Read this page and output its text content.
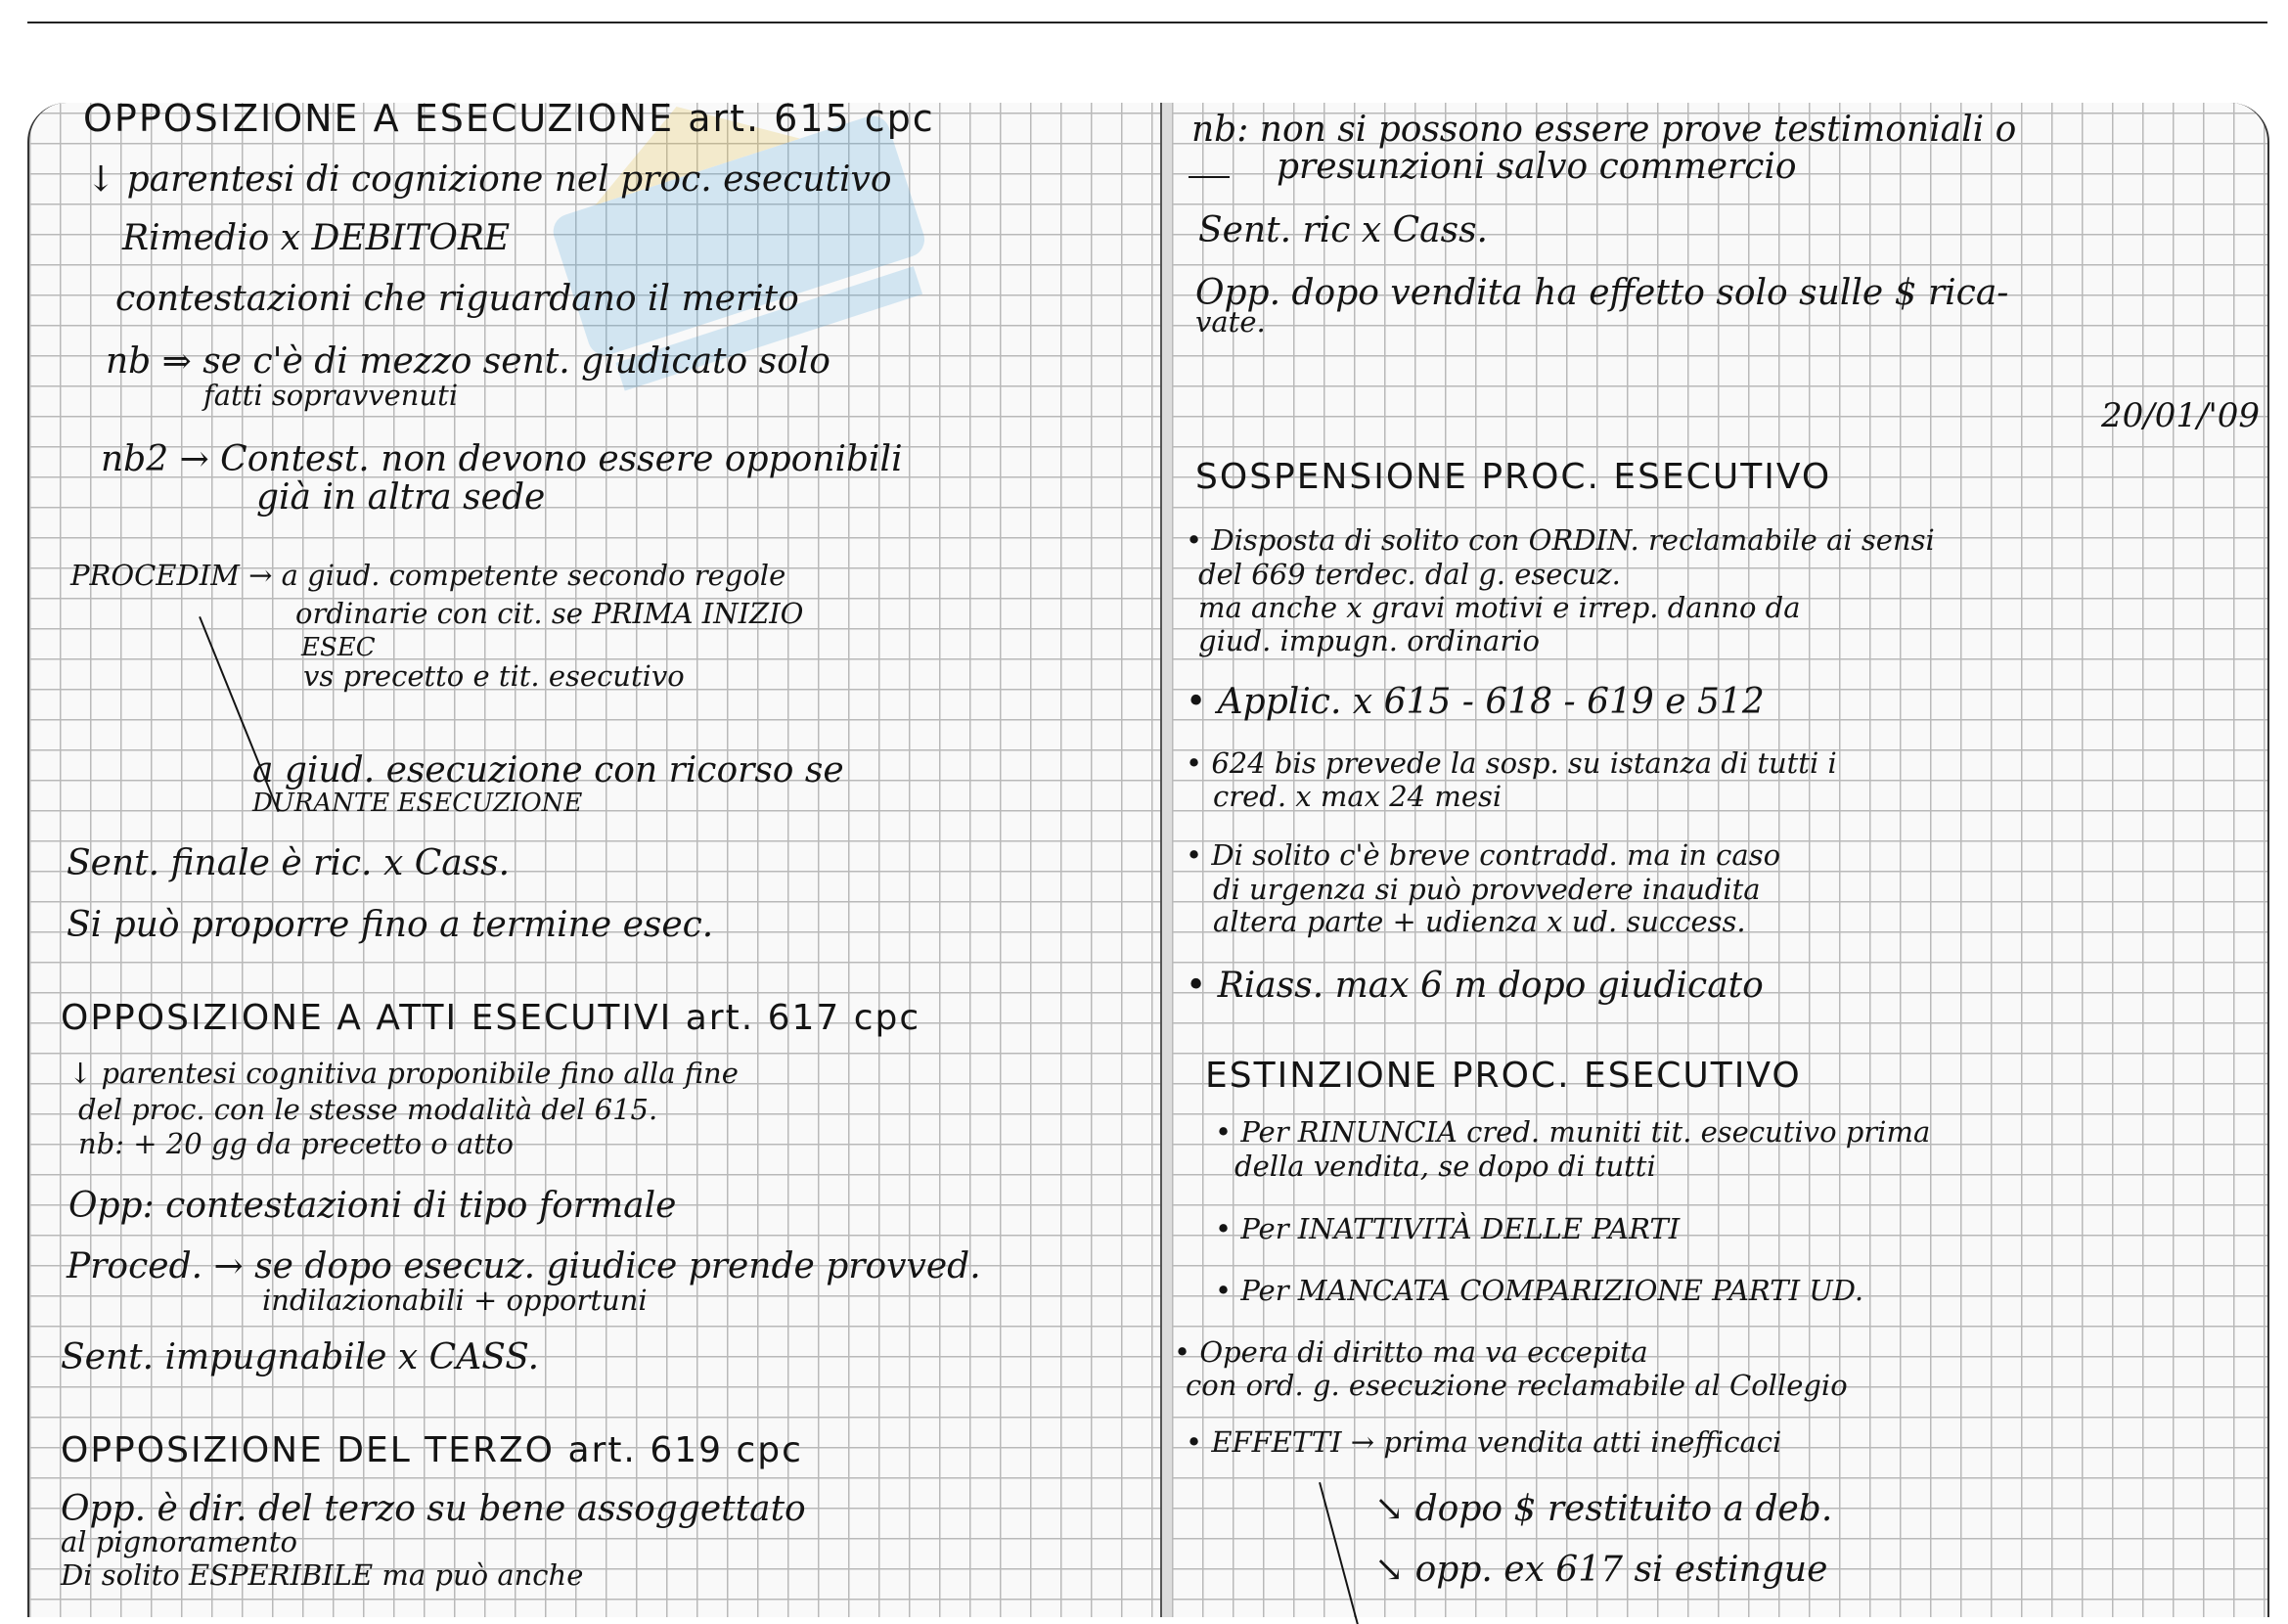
OPPOSIZIONE A ESECUZIONE art. 615 cpc
↓ parentesi di cognizione nel proc. esecutivo
Rimedio x DEBITORE
contestazioni che riguardano il merito
nb ⇒ se c'è di mezzo sent. giudicato solo
fatti sopravvenuti
nb2 → Contest. non devono essere opponibili
già in altra sede
PROCEDIM → a giud. competente secondo regole
ordinarie con cit. se PRIMA INIZIO
ESEC
vs precetto e tit. esecutivo
a giud. esecuzione con ricorso se
DURANTE ESECUZIONE
Sent. finale è ric. x Cass.
Si può proporre fino a termine esec.
OPPOSIZIONE A ATTI ESECUTIVI art. 617 cpc
↓ parentesi cognitiva proponibile fino alla fine
del proc. con le stesse modalità del 615.
nb: + 20 gg da precetto o atto
Opp: contestazioni di tipo formale
Proced. → se dopo esecuz. giudice prende provved.
indilazionabili + opportuni
Sent. impugnabile x CASS.
OPPOSIZIONE DEL TERZO art. 619 cpc
Opp. è dir. del terzo su bene assoggettato
al pignoramento
Di solito ESPERIBILE ma può anche
nb: non si possono essere prove testimoniali o
presunzioni salvo commercio
Sent. ric x Cass.
Opp. dopo vendita ha effetto solo sulle $ rica-
vate.
20/01/'09
SOSPENSIONE PROC. ESECUTIVO
• Disposta di solito con ORDIN. reclamabile ai sensi
del 669 terdec. dal g. esecuz.
ma anche x gravi motivi e irrep. danno da
giud. impugn. ordinario
• Applic. x 615 - 618 - 619 e 512
• 624 bis prevede la sosp. su istanza di tutti i
cred. x max 24 mesi
• Di solito c'è breve contradd. ma in caso
di urgenza si può provvedere inaudita
altera parte + udienza x ud. success.
• Riass. max 6 m dopo giudicato
ESTINZIONE PROC. ESECUTIVO
• Per RINUNCIA cred. muniti tit. esecutivo prima
della vendita, se dopo di tutti
• Per INATTIVITÀ DELLE PARTI
• Per MANCATA COMPARIZIONE PARTI UD.
• Opera di diritto ma va eccepita
con ord. g. esecuzione reclamabile al Collegio
• EFFETTI → prima vendita atti inefficaci
↘ dopo $ restituito a deb.
↘ opp. ex 617 si estingue
